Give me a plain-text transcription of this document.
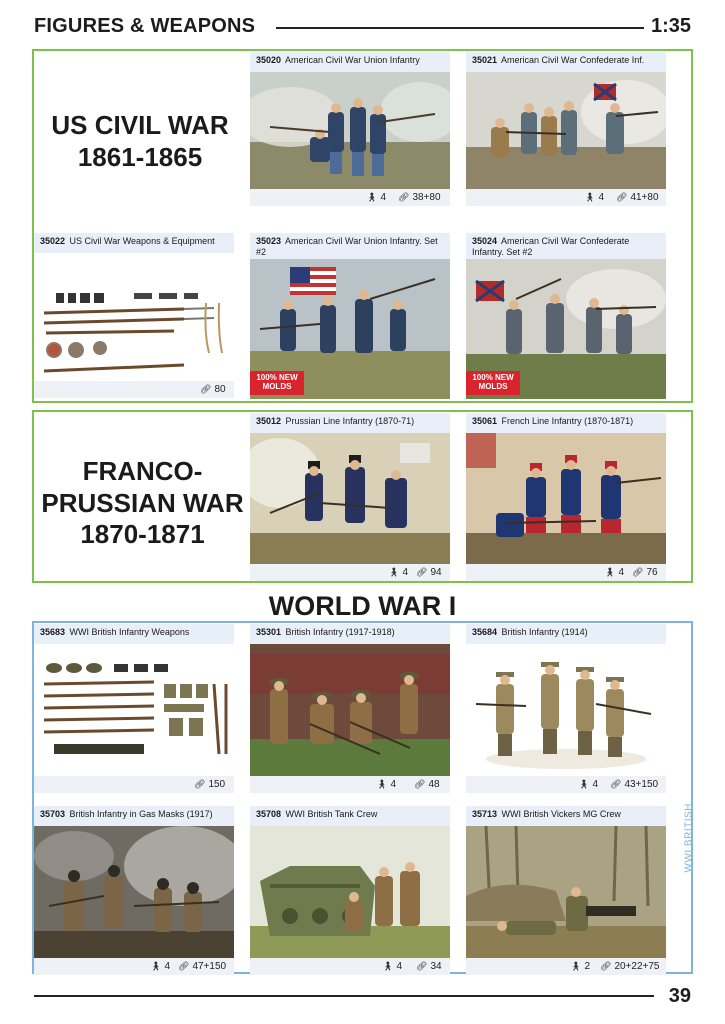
FIGURES & WEAPONS	1:35
US CIVIL WAR
1861-1865
35020 American Civil War Union Infantry
🚶︎ 4 🔗︎ 38+80
35021 American Civil War Confederate Inf.
🚶︎ 4 🔗︎ 41+80
35022 US Civil War Weapons & Equipment
🔗︎ 80
35023 American Civil War Union Infantry. Set #2
100% NEW
MOLDS
35024 American Civil War Confederate Infantry. Set #2
100% NEW
MOLDS
FRANCO-
PRUSSIAN WAR
1870-1871
35012 Prussian Line Infantry (1870-71)
🚶︎ 4 🔗︎ 94
35061 French Line Infantry (1870-1871)
🚶︎ 4 🔗︎ 76
WORLD WAR I
WWI BRITISH
35683 WWI British Infantry Weapons
🔗︎ 150
35301 British Infantry (1917-1918)
🚶︎ 4 🔗︎ 48
35684 British Infantry (1914)
🚶︎ 4 🔗︎ 43+150
35703 British Infantry in Gas Masks (1917)
🚶︎ 4 🔗︎ 47+150
35708 WWI British Tank Crew
🚶︎ 4 🔗︎ 34
35713 WWI British Vickers MG Crew
🚶︎ 2 🔗︎ 20+22+75
39
